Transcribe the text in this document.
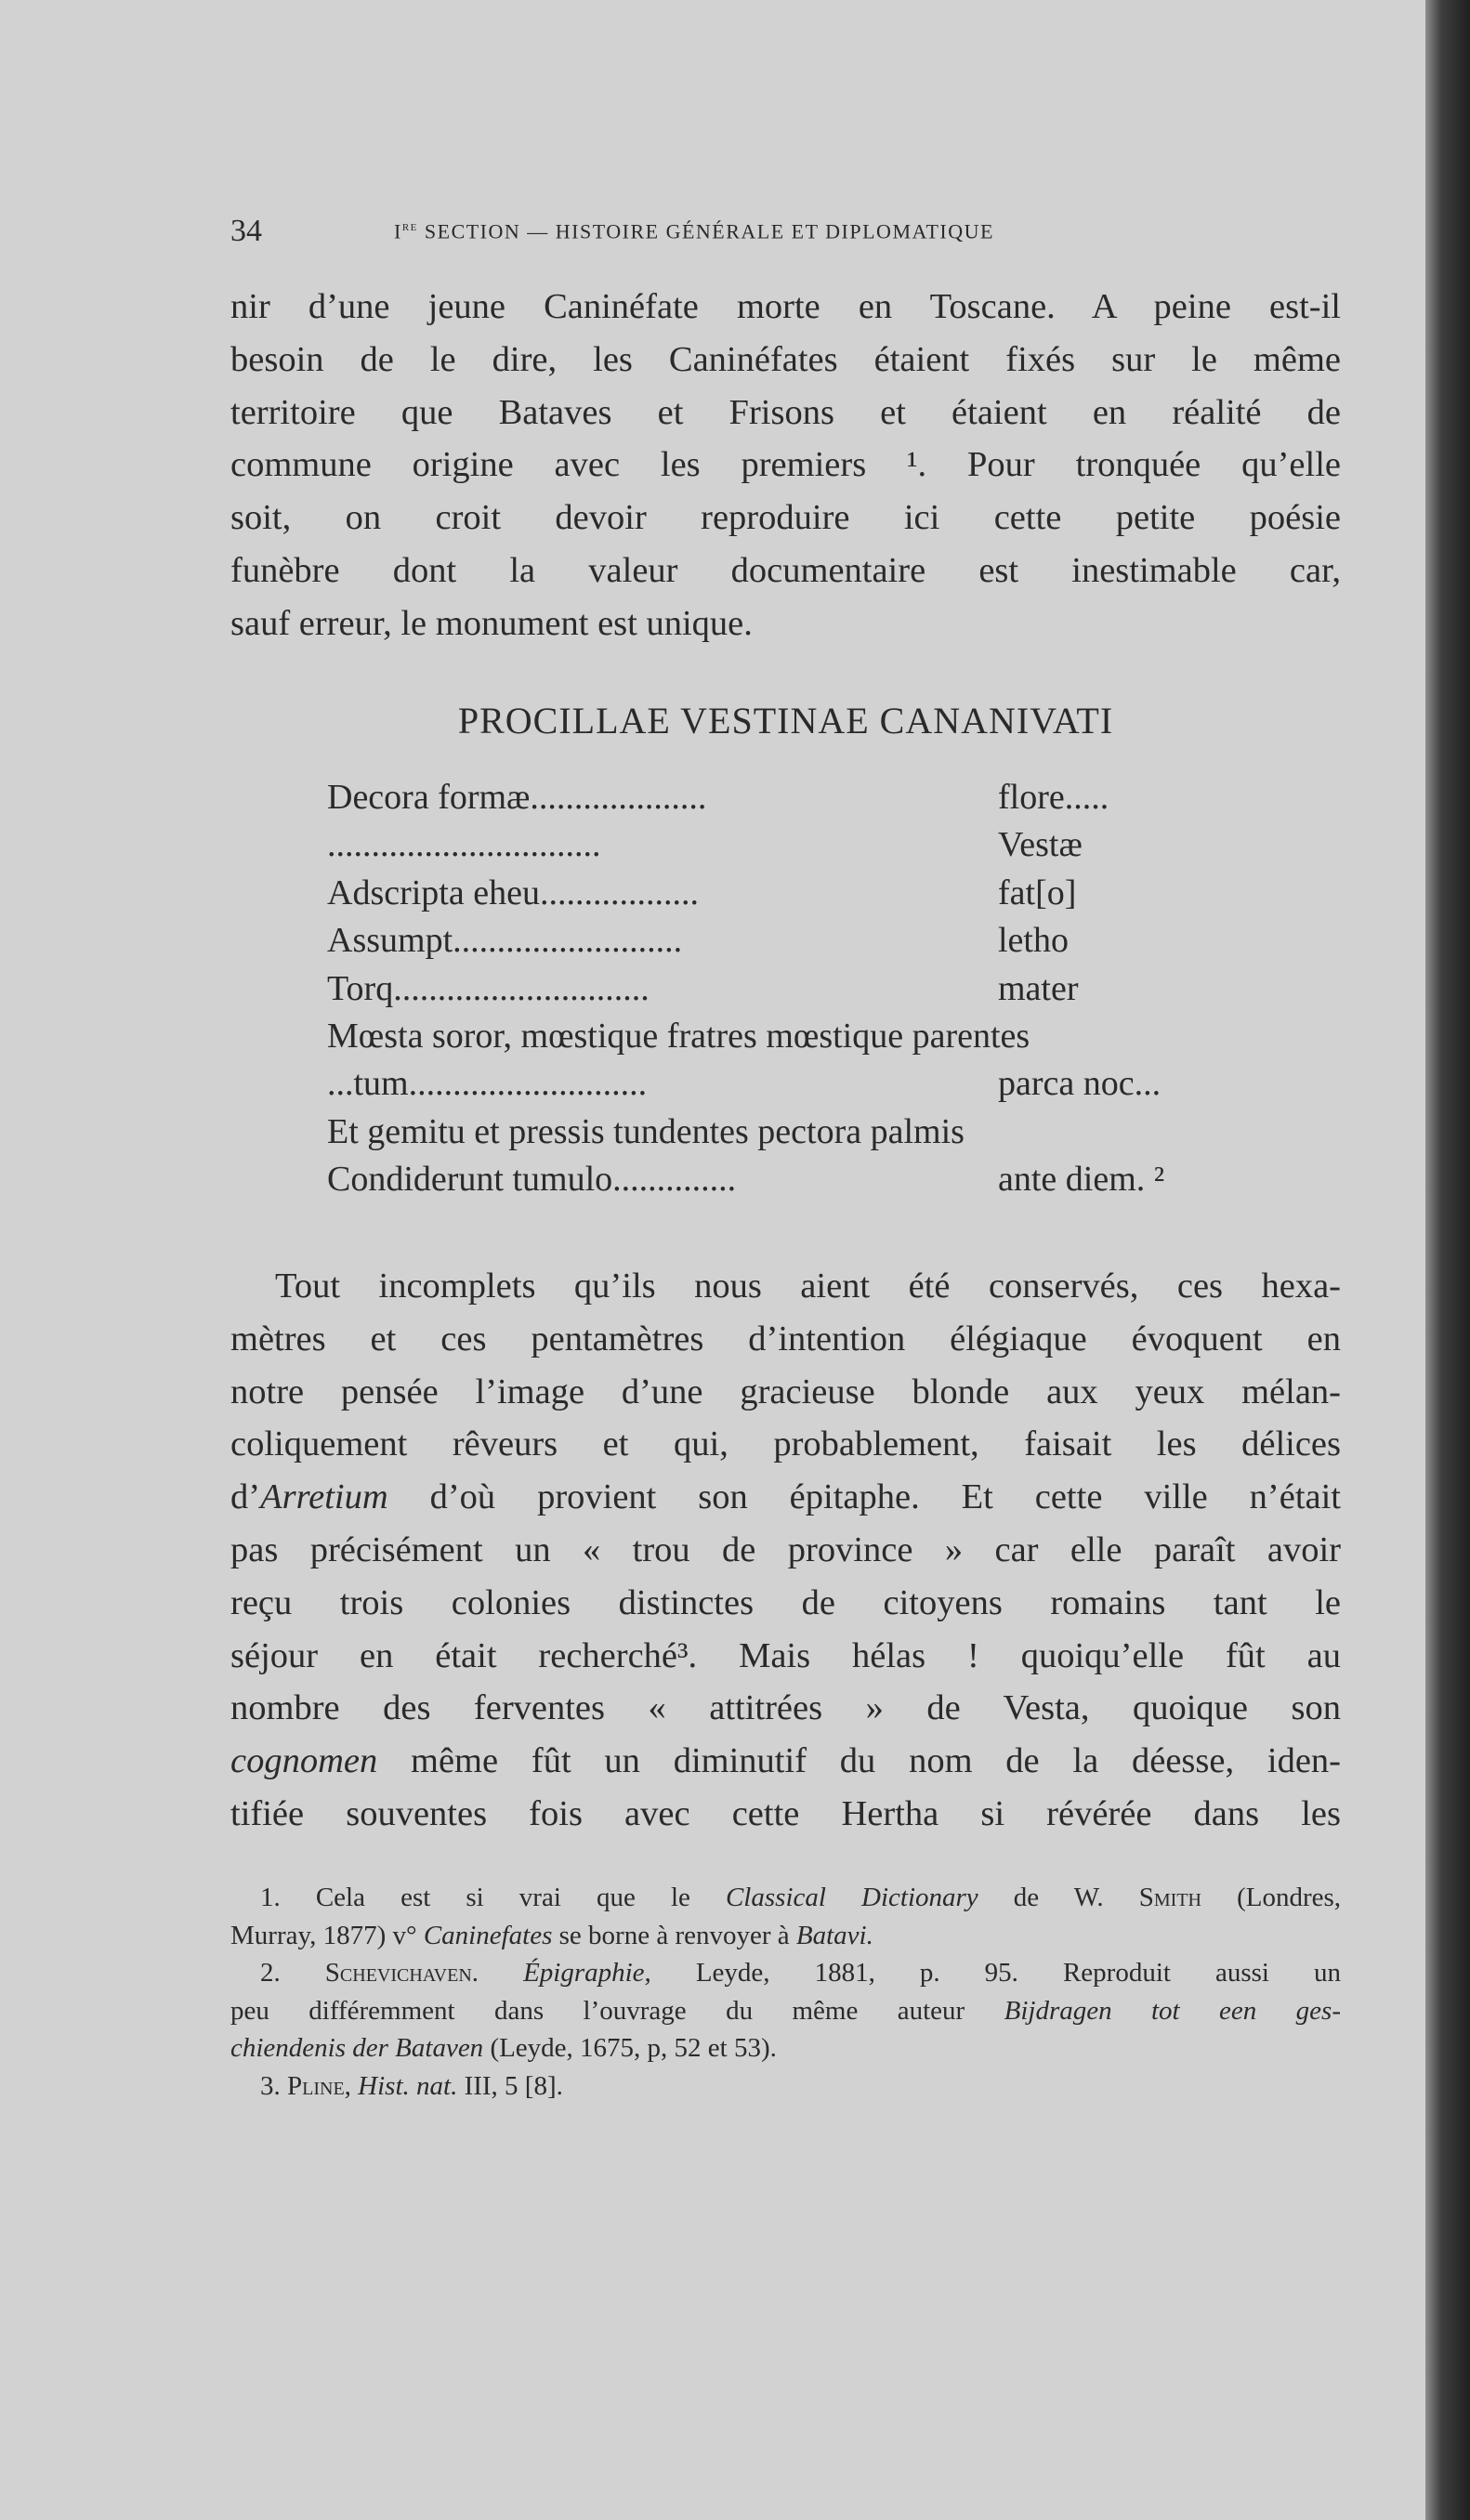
34	Ire SECTION — HISTOIRE GÉNÉRALE ET DIPLOMATIQUE
nir d’une jeune Caninéfate morte en Toscane. A peine est-il
besoin de le dire, les Caninéfates étaient fixés sur le même
territoire que Bataves et Frisons et étaient en réalité de
commune origine avec les premiers ¹. Pour tronquée qu’elle
soit, on croit devoir reproduire ici cette petite poésie
funèbre dont la valeur documentaire est inestimable car,
sauf erreur, le monument est unique.
PROCILLAE VESTINAE CANANIVATI
Decora formæ....................	flore.....
...............................	Vestæ
Adscripta eheu..................	fat[o]
Assumpt..........................	letho
Torq.............................	mater
Mœsta soror, mœstique fratres mœstique parentes
...tum...........................	parca noc...
Et gemitu et pressis tundentes pectora palmis
Condiderunt tumulo..............	ante diem. ²
Tout incomplets qu’ils nous aient été conservés, ces hexa-
mètres et ces pentamètres d’intention élégiaque évoquent en
notre pensée l’image d’une gracieuse blonde aux yeux mélan-
coliquement rêveurs et qui, probablement, faisait les délices
d’Arretium d’où provient son épitaphe. Et cette ville n’était
pas précisément un « trou de province » car elle paraît avoir
reçu trois colonies distinctes de citoyens romains tant le
séjour en était recherché³. Mais hélas ! quoiqu’elle fût au
nombre des ferventes « attitrées » de Vesta, quoique son
cognomen même fût un diminutif du nom de la déesse, iden-
tifiée souventes fois avec cette Hertha si révérée dans les
1. Cela est si vrai que le Classical Dictionary de W. Smith (Londres,
Murray, 1877) v° Caninefates se borne à renvoyer à Batavi.
2. Schevichaven. Épigraphie, Leyde, 1881, p. 95. Reproduit aussi un
peu différemment dans l’ouvrage du même auteur Bijdragen tot een ges-
chiendenis der Bataven (Leyde, 1675, p, 52 et 53).
3. Pline, Hist. nat. III, 5 [8].
